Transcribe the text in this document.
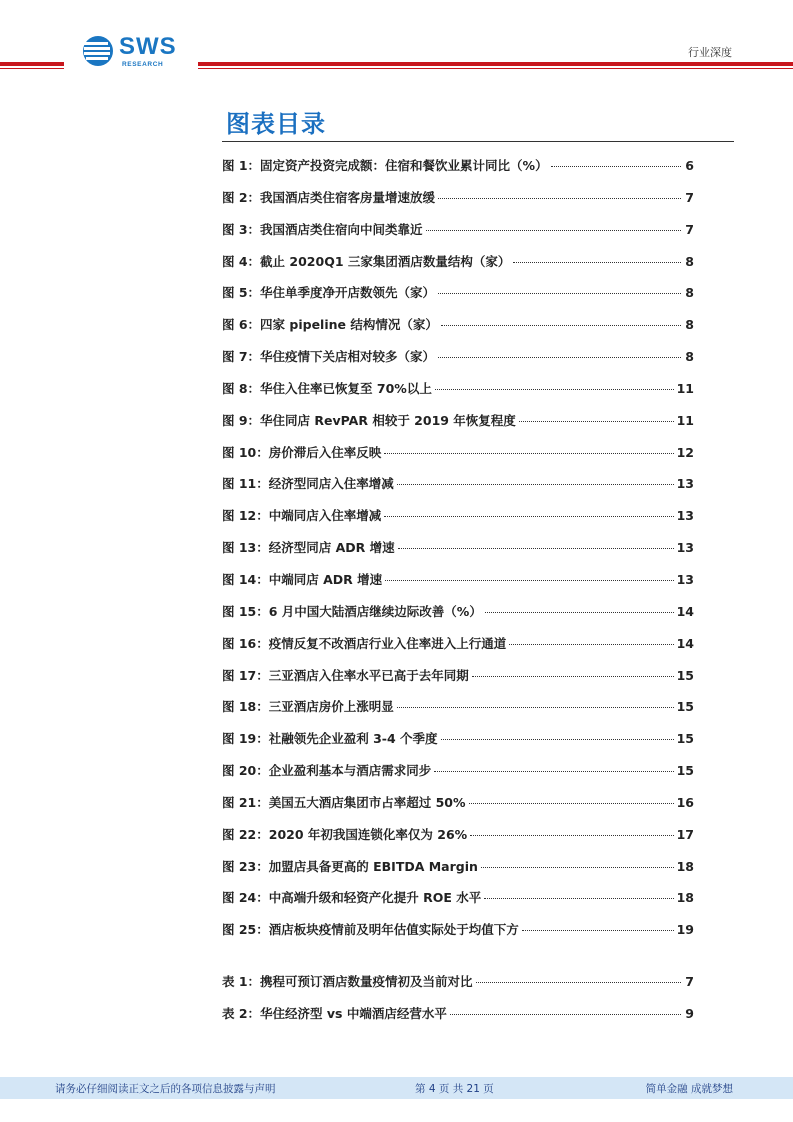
SWS
RESEARCH
行业深度
图表目录
图 1：固定资产投资完成额：住宿和餐饮业累计同比（%）	6
图 2：我国酒店类住宿客房量增速放缓	7
图 3：我国酒店类住宿向中间类靠近	7
图 4：截止 2020Q1 三家集团酒店数量结构（家）	8
图 5：华住单季度净开店数领先（家）	8
图 6：四家 pipeline 结构情况（家）	8
图 7：华住疫情下关店相对较多（家）	8
图 8：华住入住率已恢复至 70%以上	11
图 9：华住同店 RevPAR 相较于 2019 年恢复程度	11
图 10：房价滞后入住率反映	12
图 11：经济型同店入住率增减	13
图 12：中端同店入住率增减	13
图 13：经济型同店 ADR 增速	13
图 14：中端同店 ADR 增速	13
图 15：6 月中国大陆酒店继续边际改善（%）	14
图 16：疫情反复不改酒店行业入住率进入上行通道	14
图 17：三亚酒店入住率水平已高于去年同期	15
图 18：三亚酒店房价上涨明显	15
图 19：社融领先企业盈利 3-4 个季度	15
图 20：企业盈利基本与酒店需求同步	15
图 21：美国五大酒店集团市占率超过 50%	16
图 22：2020 年初我国连锁化率仅为 26%	17
图 23：加盟店具备更高的 EBITDA Margin	18
图 24：中高端升级和轻资产化提升 ROE 水平	18
图 25：酒店板块疫情前及明年估值实际处于均值下方	19
表 1：携程可预订酒店数量疫情初及当前对比	7
表 2：华住经济型 vs 中端酒店经营水平	9
请务必仔细阅读正文之后的各项信息披露与声明	第 4 页 共 21 页	简单金融 成就梦想
